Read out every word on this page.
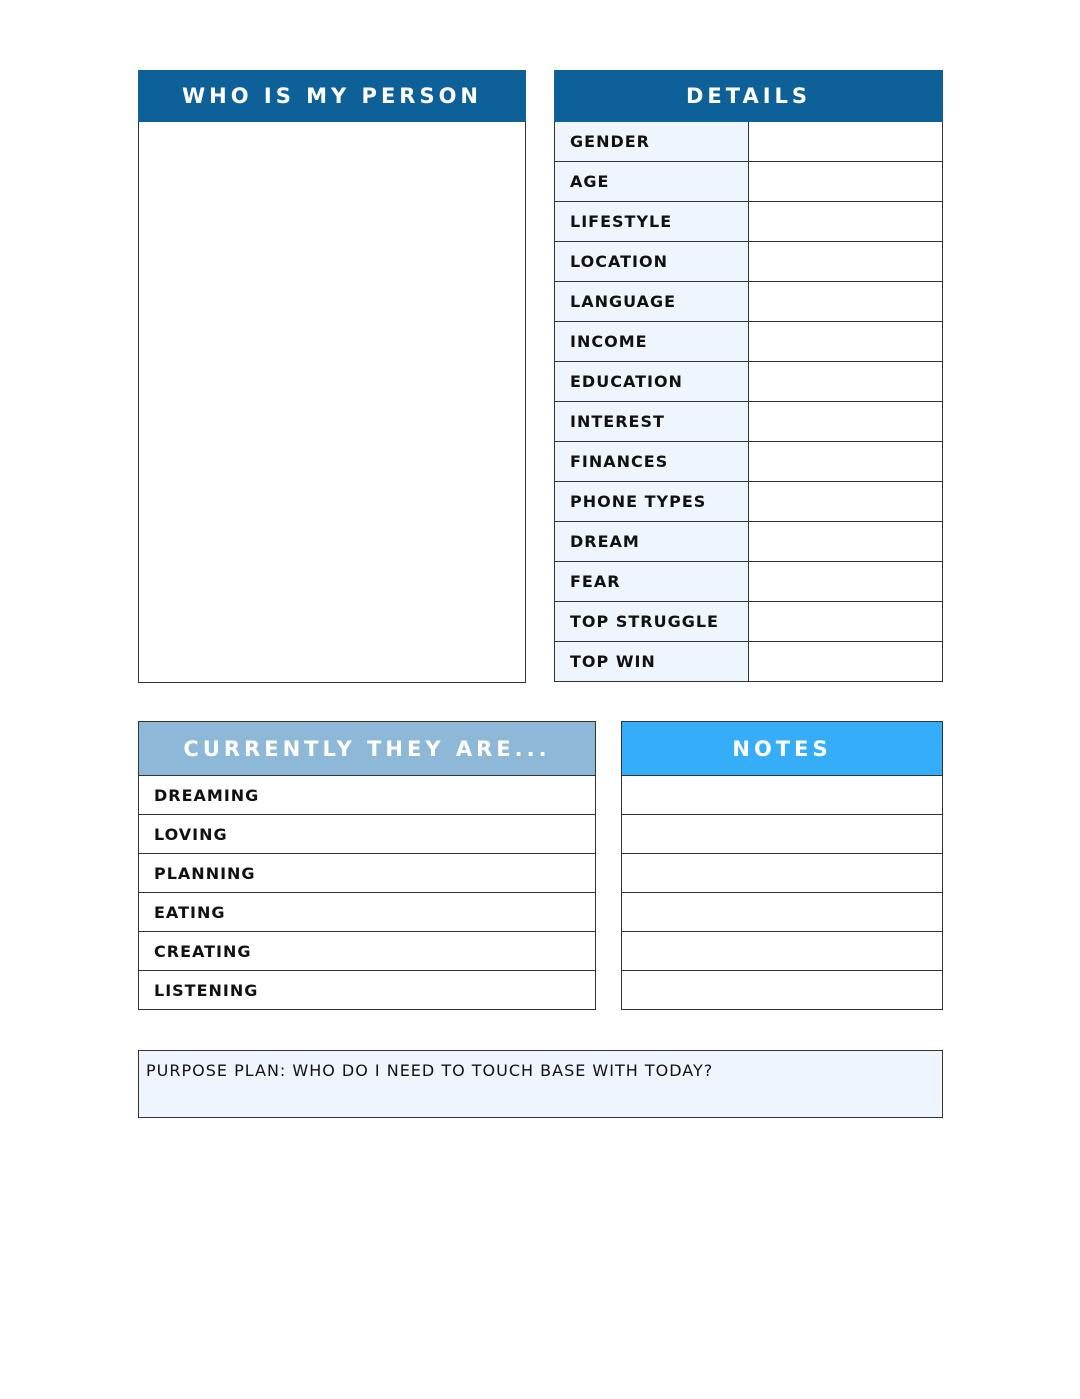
WHO IS MY PERSON	DETAILS
GENDER
AGE
LIFESTYLE
LOCATION
LANGUAGE
INCOME
EDUCATION
INTEREST
FINANCES
PHONE TYPES
DREAM
FEAR
TOP STRUGGLE
TOP WIN
CURRENTLY THEY ARE...
DREAMING
LOVING
PLANNING
EATING
CREATING
LISTENING
NOTES
PURPOSE PLAN: WHO DO I NEED TO TOUCH BASE WITH TODAY?
